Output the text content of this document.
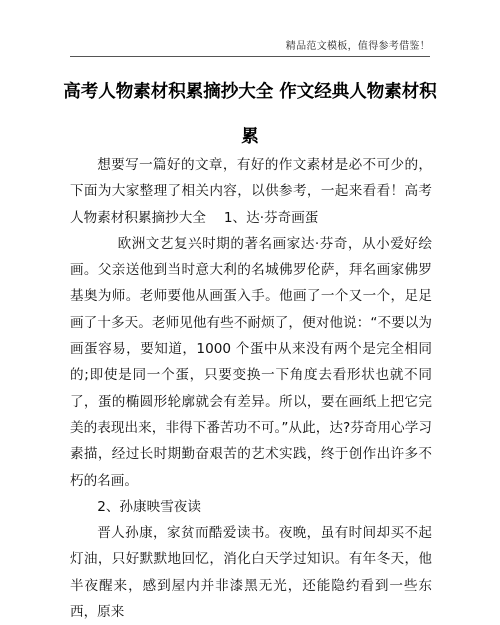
精品范文模板，值得参考借鉴！
高考人物素材积累摘抄大全 作文经典人物素材积累

想要写一篇好的文章，有好的作文素材是必不可少的，下面为大家整理了相关内容，以供参考，一起来看看！高考人物素材积累摘抄大全　 1、达·芬奇画蛋

欧洲文艺复兴时期的著名画家达·芬奇，从小爱好绘画。父亲送他到当时意大利的名城佛罗伦萨，拜名画家佛罗基奥为师。老师要他从画蛋入手。他画了一个又一个，足足画了十多天。老师见他有些不耐烦了，便对他说：“不要以为画蛋容易，要知道，1000 个蛋中从来没有两个是完全相同的;即使是同一个蛋，只要变换一下角度去看形状也就不同了，蛋的椭圆形轮廓就会有差异。所以，要在画纸上把它完美的表现出来，非得下番苦功不可。”从此，达?芬奇用心学习素描，经过长时期勤奋艰苦的艺术实践，终于创作出许多不朽的名画。

2、孙康映雪夜读

晋人孙康，家贫而酷爱读书。夜晚，虽有时间却买不起灯油，只好默默地回忆，消化白天学过知识。有年冬天，他半夜醒来，感到屋内并非漆黑无光，还能隐约看到一些东西，原来
